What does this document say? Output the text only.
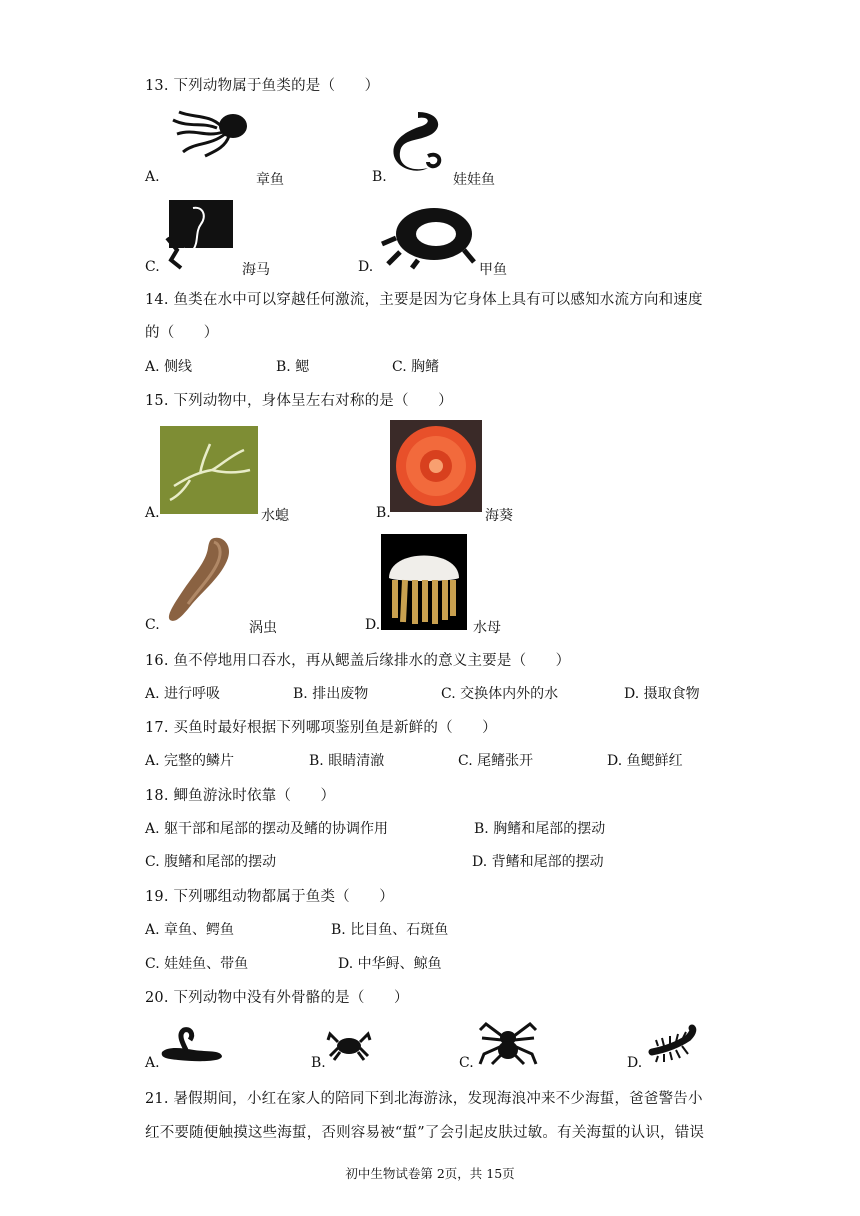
13. 下列动物属于鱼类的是（　　）
A.	章鱼	B.	娃娃鱼
C.	海马	D.	甲鱼
14. 鱼类在水中可以穿越任何激流，主要是因为它身体上具有可以感知水流方向和速度
的（　　）
A. 侧线	B. 鳃	C. 胸鳍
15. 下列动物中，身体呈左右对称的是（　　）
A.	水螅	B.	海葵
C.	涡虫	D.	水母
16. 鱼不停地用口吞水，再从鳃盖后缘排水的意义主要是（　　）
A. 进行呼吸	B. 排出废物	C. 交换体内外的水	D. 摄取食物
17. 买鱼时最好根据下列哪项鉴别鱼是新鲜的（　　）
A. 完整的鳞片	B. 眼睛清澈	C. 尾鳍张开	D. 鱼鳃鲜红
18. 鲫鱼游泳时依靠（　　）
A. 躯干部和尾部的摆动及鳍的协调作用	B. 胸鳍和尾部的摆动
C. 腹鳍和尾部的摆动	D. 背鳍和尾部的摆动
19. 下列哪组动物都属于鱼类（　　）
A. 章鱼、鳄鱼	B. 比目鱼、石斑鱼
C. 娃娃鱼、带鱼	D. 中华鲟、鲸鱼
20. 下列动物中没有外骨骼的是（　　）
A.	B.	C.	D.
21. 暑假期间，小红在家人的陪同下到北海游泳，发现海浪冲来不少海蜇，爸爸警告小
红不要随便触摸这些海蜇，否则容易被“蜇”了会引起皮肤过敏。有关海蜇的认识，错误
初中生物试卷第 2页，共 15页
